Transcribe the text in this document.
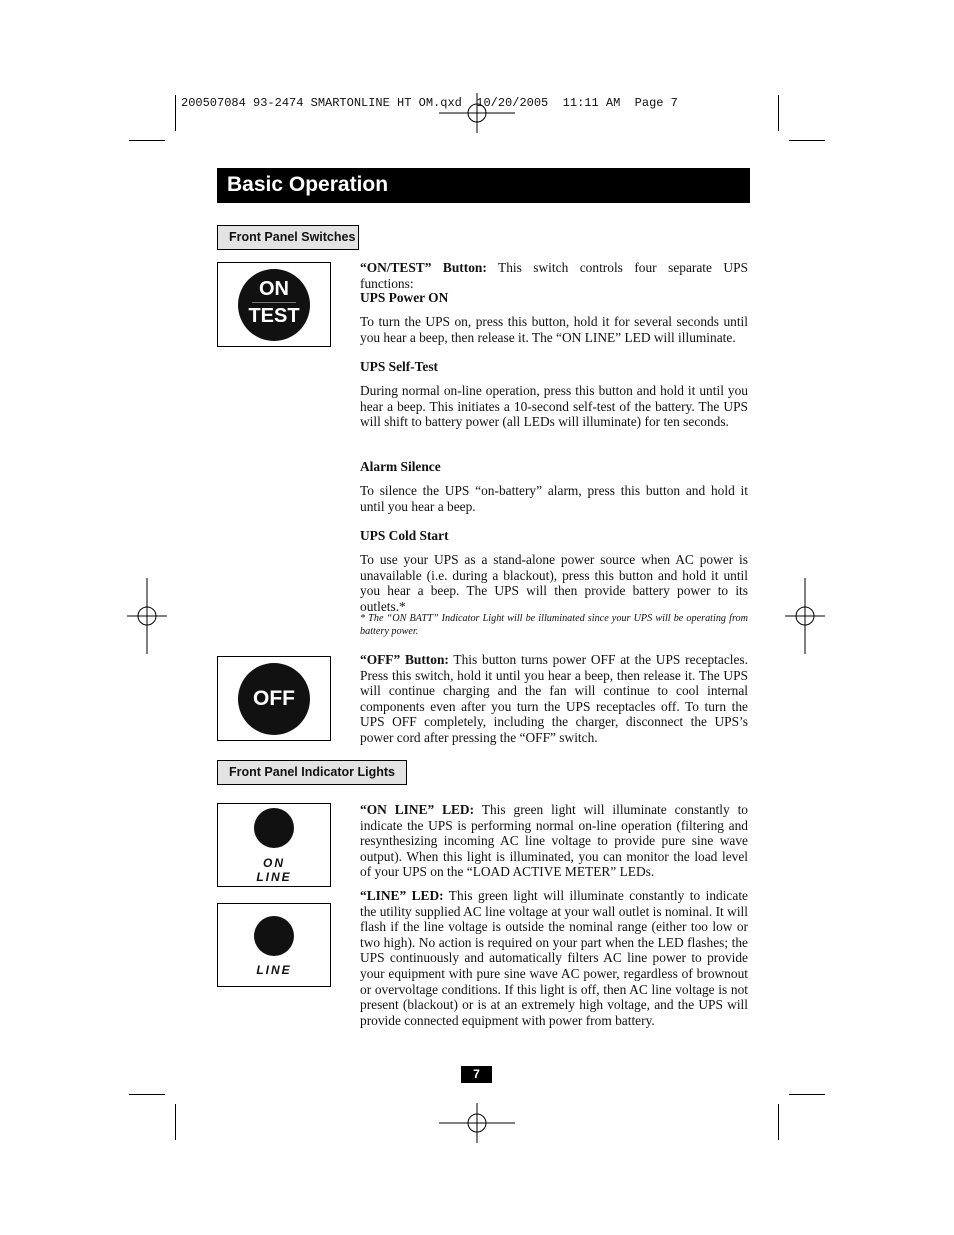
200507084 93-2474 SMARTONLINE HT OM.qxd  10/20/2005  11:11 AM  Page 7
Basic Operation
Front Panel Switches
ON
TEST

“ON/TEST” Button: This switch controls four separate UPS functions:

UPS Power ON
To turn the UPS on, press this button, hold it for several seconds until you hear a beep, then release it. The “ON LINE” LED will illuminate.
UPS Self-Test
During normal on-line operation, press this button and hold it until you hear a beep. This initiates a 10-second self-test of the battery. The UPS will shift to battery power (all LEDs will illuminate) for ten seconds.
Alarm Silence
To silence the UPS “on-battery” alarm, press this button and hold it until you hear a beep.
UPS Cold Start
To use your UPS as a stand-alone power source when AC power is unavailable (i.e. during a blackout), press this button and hold it until you hear a beep. The UPS will then provide battery power to its outlets.*
* The “ON BATT” Indicator Light will be illuminated since your UPS will be operating from battery power.
OFF

“OFF” Button: This button turns power OFF at the UPS receptacles. Press this switch, hold it until you hear a beep, then release it. The UPS will continue charging and the fan will continue to cool internal components even after you turn the UPS receptacles off. To turn the UPS OFF completely, including the charger, disconnect the UPS’s power cord after pressing the “OFF” switch.

Front Panel Indicator Lights
ON
LINE

“ON LINE” LED: This green light will illuminate constantly to indicate the UPS is performing normal on-line operation (filtering and resynthesizing incoming AC line voltage to provide pure sine wave output). When this light is illuminated, you can monitor the load level of your UPS on the “LOAD ACTIVE METER” LEDs.

LINE

“LINE” LED: This green light will illuminate constantly to indicate the utility supplied AC line voltage at your wall outlet is nominal. It will flash if the line voltage is outside the nominal range (either too low or two high). No action is required on your part when the LED flashes; the UPS continuously and automatically filters AC line power to provide your equipment with pure sine wave AC power, regardless of brownout or overvoltage conditions. If this light is off, then AC line voltage is not present (blackout) or is at an extremely high voltage, and the UPS will provide connected equipment with power from battery.

7
